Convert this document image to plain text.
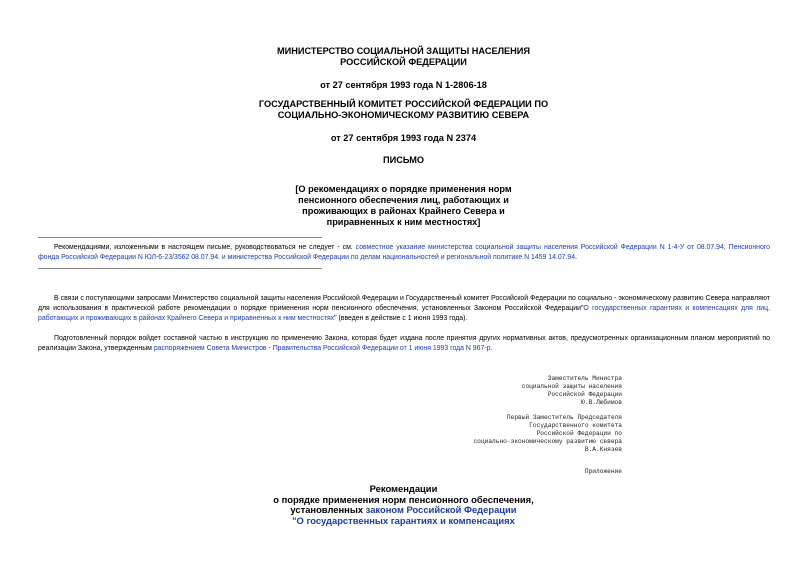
МИНИСТЕРСТВО СОЦИАЛЬНОЙ ЗАЩИТЫ НАСЕЛЕНИЯ
РОССИЙСКОЙ ФЕДЕРАЦИИ
от 27 сентября 1993 года N 1-2806-18
ГОСУДАРСТВЕННЫЙ КОМИТЕТ РОССИЙСКОЙ ФЕДЕРАЦИИ ПО
СОЦИАЛЬНО-ЭКОНОМИЧЕСКОМУ РАЗВИТИЮ СЕВЕРА
от 27 сентября 1993 года N 2374
ПИСЬМО
[О рекомендациях о порядке применения норм
пенсионного обеспечения лиц, работающих и
проживающих в районах Крайнего Севера и
приравненных к ним местностях]
Рекомендациями, изложенными в настоящем письме, руководствоваться не следует - см. совместное указание министерства социальной защиты населения Российской Федерации N 1-4-У от 08.07.94; Пенсионного фонда Российской Федерации N ЮЛ-6-23/3562 08.07.94. и министерства Российской Федерации по делам национальностей и региональной политике N 1459 14.07.94.
В связи с поступающими запросами Министерство социальной защиты населения Российской Федерации и Государственный комитет Российской Федерации по социально - экономическому развитию Севера направляют для использования в практической работе рекомендации о порядке применения норм пенсионного обеспечения, установленных Законом Российской Федерации"О государственных гарантиях и компенсациях для лиц, работающих и проживающих в районах Крайнего Севера и приравненных к ним местностях" (введен в действие с 1 июня 1993 года).
Подготовленный порядок войдет составной частью в инструкцию по применению Закона, которая будет издана после принятия других нормативных актов, предусмотренных организационным планом мероприятий по реализации Закона, утвержденным распоряжением Совета Министров - Правительства Российской Федерации от 1 июня 1993 года N 967-р.
Заместитель Министра
социальной защиты населения
Российской Федерации
Ю.В.Любимов
Первый Заместитель Председателя
Государственного комитета
Российской Федерации по
социально-экономическому развитию севера
В.А.Князев
Приложение
Рекомендации
о порядке применения норм пенсионного обеспечения,
установленных законом Российской Федерации
"О государственных гарантиях и компенсациях
